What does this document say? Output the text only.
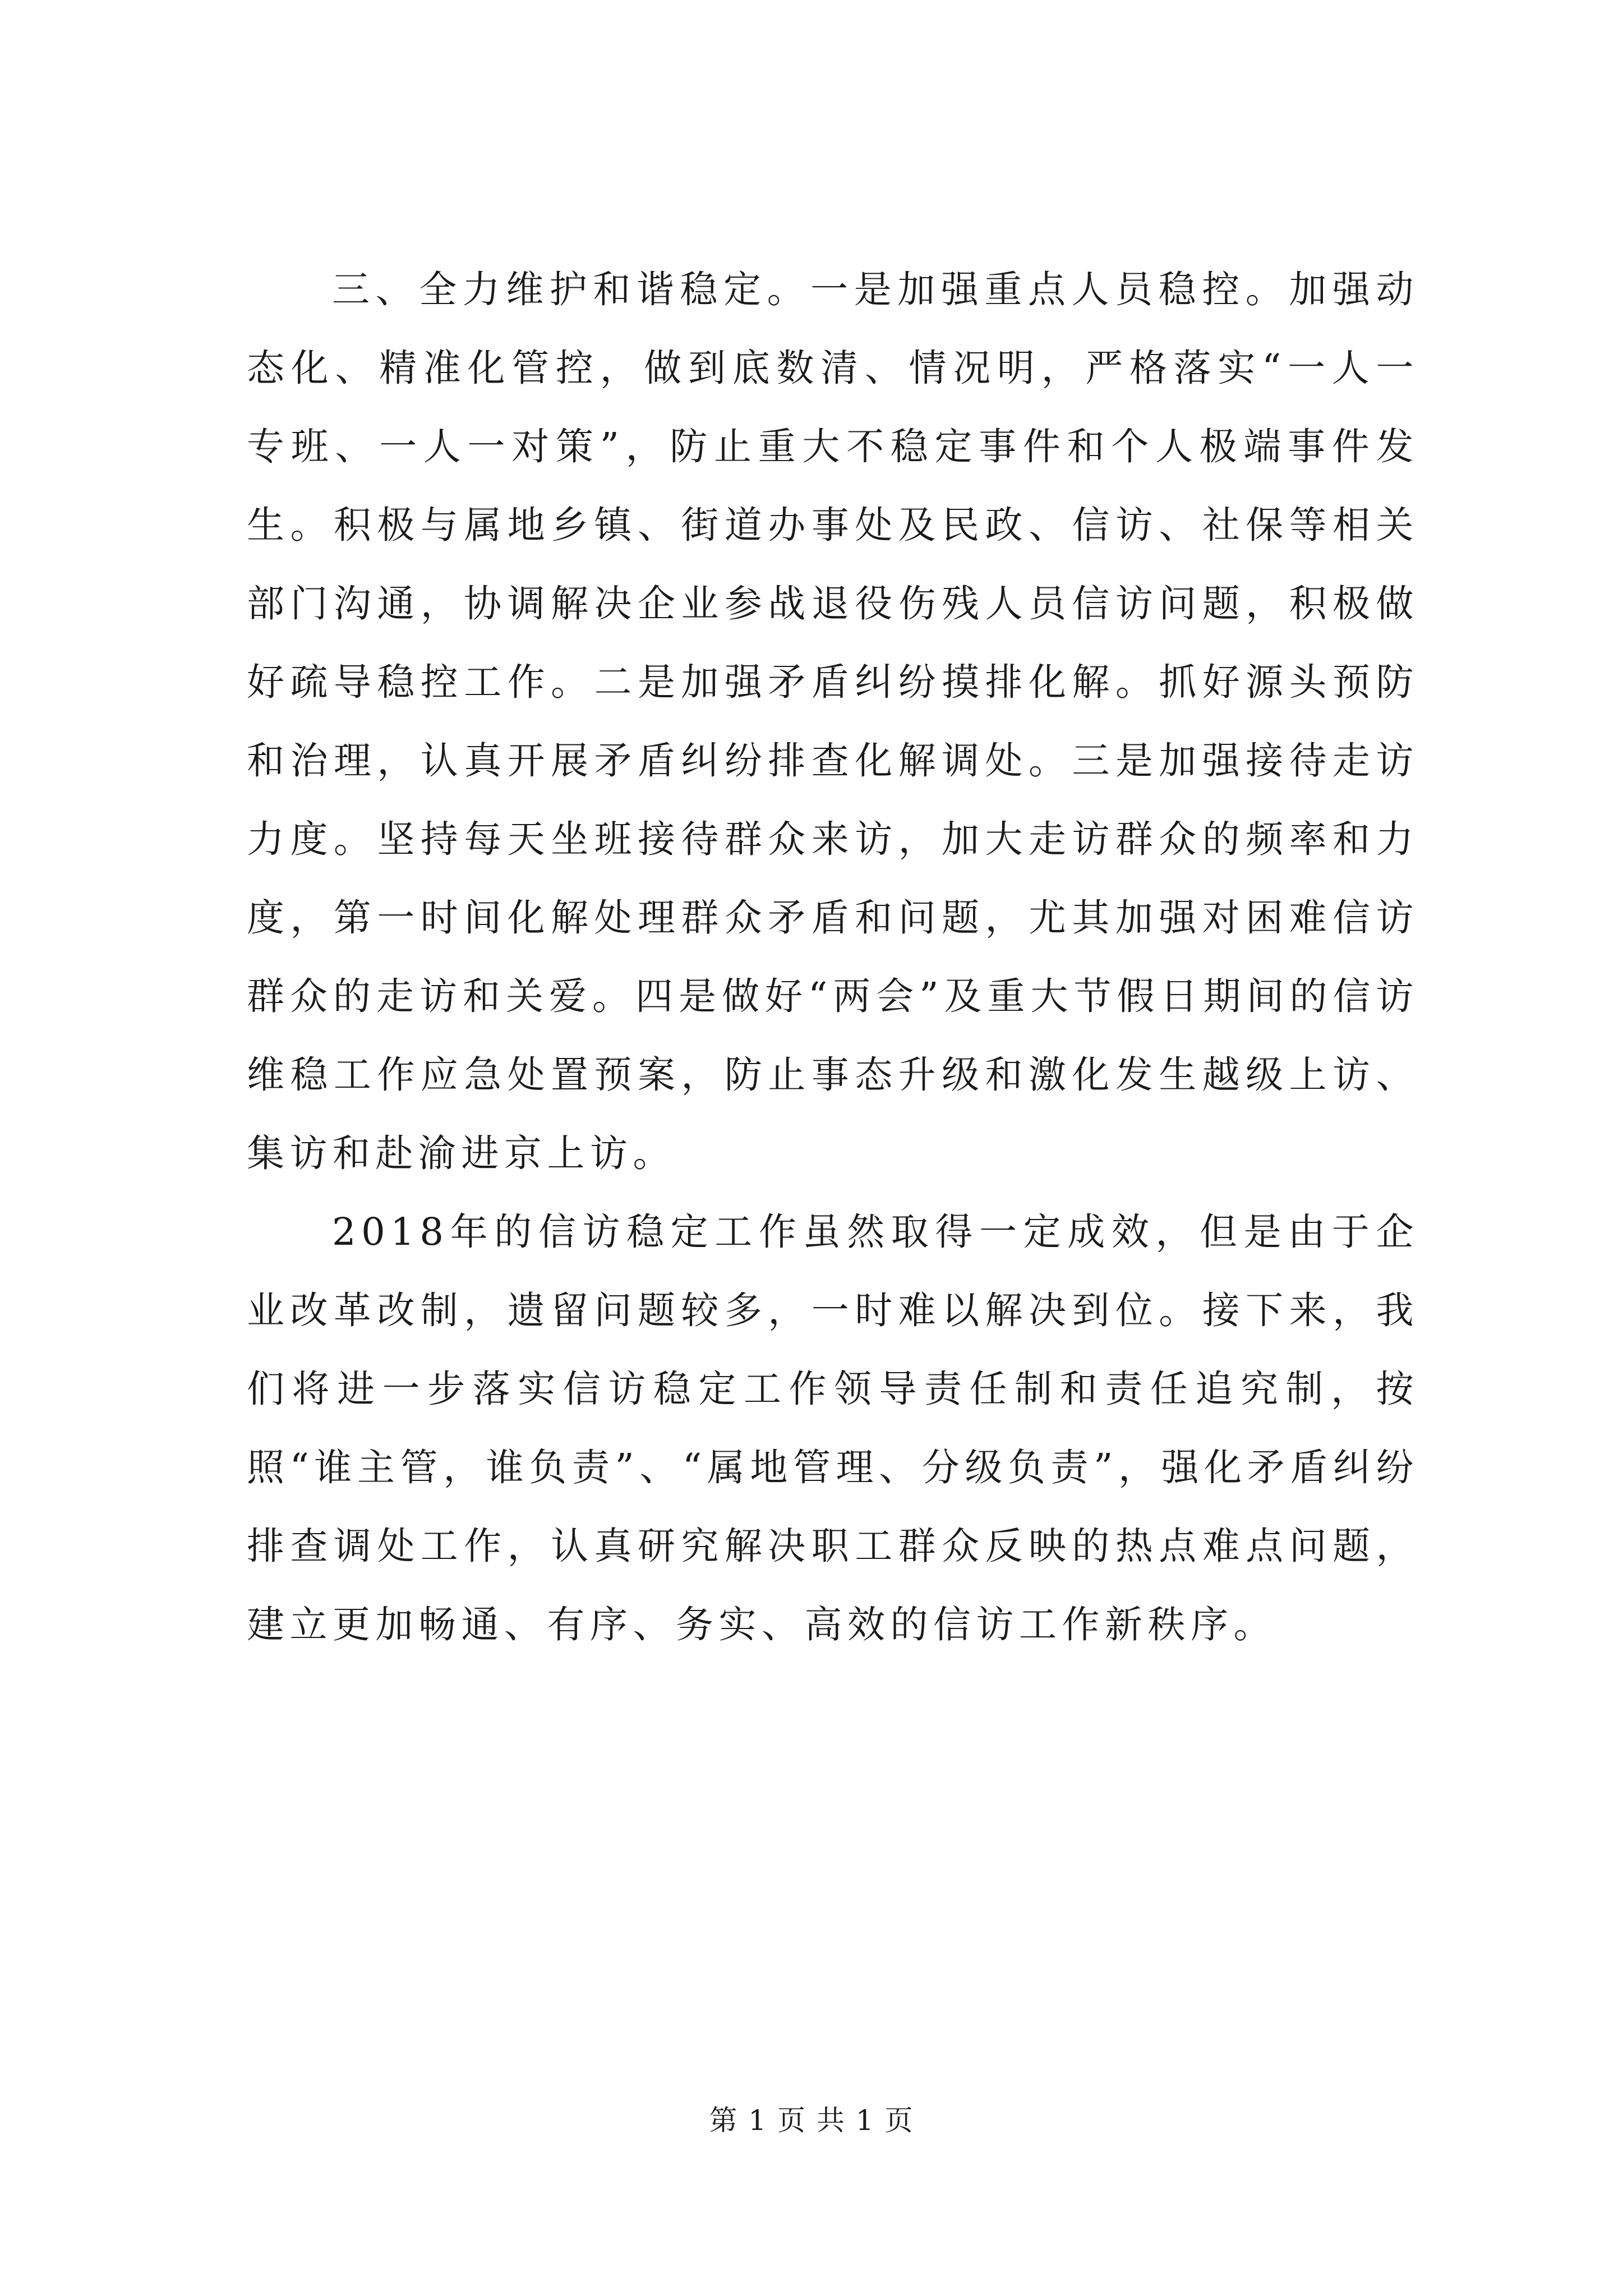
三、全力维护和谐稳定。一是加强重点人员稳控。加强动态化、精准化管控，做到底数清、情况明，严格落实“一人一专班、一人一对策”，防止重大不稳定事件和个人极端事件发生。积极与属地乡镇、街道办事处及民政、信访、社保等相关部门沟通，协调解决企业参战退役伤残人员信访问题，积极做好疏导稳控工作。二是加强矛盾纠纷摸排化解。抓好源头预防和治理，认真开展矛盾纠纷排查化解调处。三是加强接待走访力度。坚持每天坐班接待群众来访，加大走访群众的频率和力度，第一时间化解处理群众矛盾和问题，尤其加强对困难信访群众的走访和关爱。四是做好“两会”及重大节假日期间的信访维稳工作应急处置预案，防止事态升级和激化发生越级上访、集访和赴渝进京上访。

2018年的信访稳定工作虽然取得一定成效，但是由于企业改革改制，遗留问题较多，一时难以解决到位。接下来，我们将进一步落实信访稳定工作领导责任制和责任追究制，按照“谁主管，谁负责”、“属地管理、分级负责”，强化矛盾纠纷排查调处工作，认真研究解决职工群众反映的热点难点问题，建立更加畅通、有序、务实、高效的信访工作新秩序。

第 1 页 共 1 页
